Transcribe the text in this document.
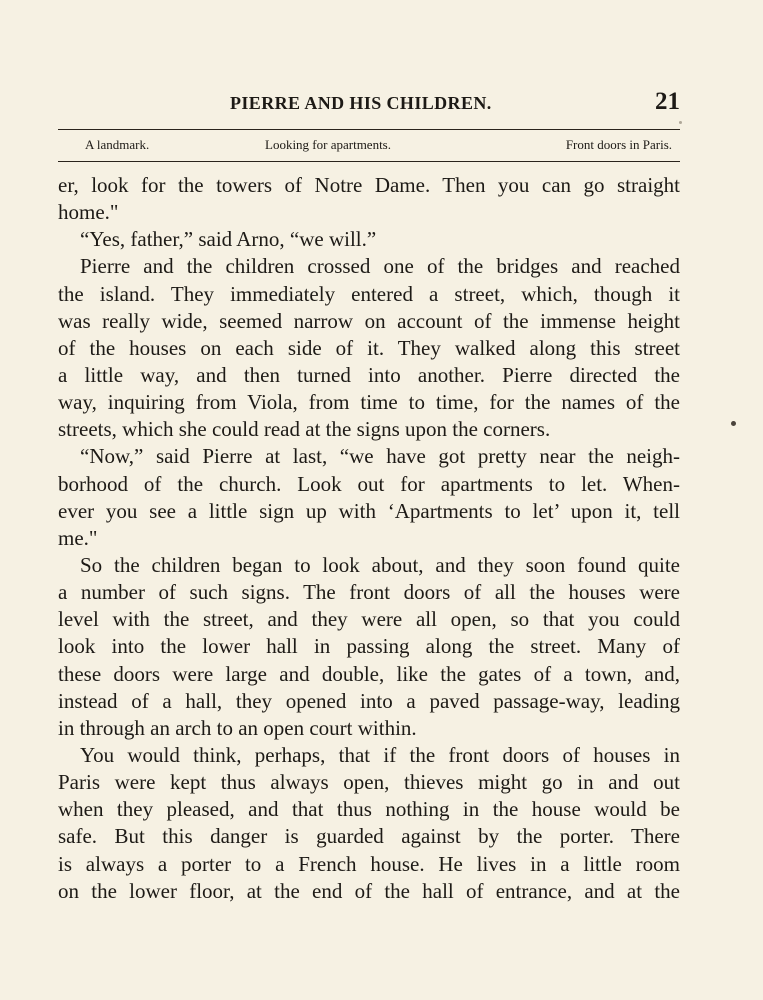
PIERRE AND HIS CHILDREN.	21
A landmark.	Looking for apartments.	Front doors in Paris.
er, look for the towers of Notre Dame. Then you can go straight
home."
“Yes, father,” said Arno, “we will.”
Pierre and the children crossed one of the bridges and reached
the island. They immediately entered a street, which, though it
was really wide, seemed narrow on account of the immense height
of the houses on each side of it. They walked along this street
a little way, and then turned into another. Pierre directed the
way, inquiring from Viola, from time to time, for the names of the
streets, which she could read at the signs upon the corners.
“Now,” said Pierre at last, “we have got pretty near the neigh-
borhood of the church. Look out for apartments to let. When-
ever you see a little sign up with ‘Apartments to let’ upon it, tell
me."
So the children began to look about, and they soon found quite
a number of such signs. The front doors of all the houses were
level with the street, and they were all open, so that you could
look into the lower hall in passing along the street. Many of
these doors were large and double, like the gates of a town, and,
instead of a hall, they opened into a paved passage-way, leading
in through an arch to an open court within.
You would think, perhaps, that if the front doors of houses in
Paris were kept thus always open, thieves might go in and out
when they pleased, and that thus nothing in the house would be
safe. But this danger is guarded against by the porter. There
is always a porter to a French house. He lives in a little room
on the lower floor, at the end of the hall of entrance, and at the
